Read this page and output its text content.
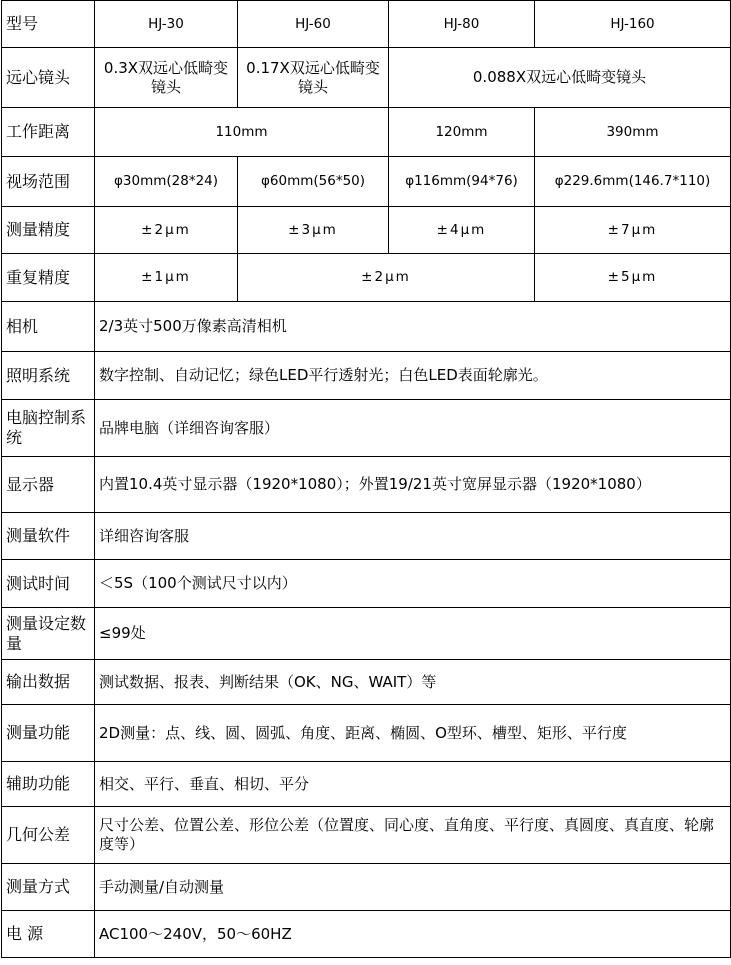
型号	HJ-30	HJ-60	HJ-80	HJ-160
远心镜头	0.3X双远心低畸变镜头	0.17X双远心低畸变镜头	0.088X双远心低畸变镜头	
工作距离	110mm		120mm	390mm
视场范围	φ30mm(28*24)	φ60mm(56*50)	φ116mm(94*76)	φ229.6mm(146.7*110)
测量精度	±2μm	±3μm	±4μm	±7μm
重复精度	±1μm	±2μm		±5μm
相机	2/3英寸500万像素高清相机			
照明系统	数字控制、自动记忆；绿色LED平行透射光；白色LED表面轮廓光。			
电脑控制系统	品牌电脑（详细咨询客服）			
显示器	内置10.4英寸显示器（1920*1080）；外置19/21英寸宽屏显示器（1920*1080）			
测量软件	详细咨询客服			
测试时间	＜5S（100个测试尺寸以内）			
测量设定数量	≤99处			
输出数据	测试数据、报表、判断结果（OK、NG、WAIT）等			
测量功能	2D测量：点、线、圆、圆弧、角度、距离、椭圆、O型环、槽型、矩形、平行度			
辅助功能	相交、平行、垂直、相切、平分			
几何公差	尺寸公差、位置公差、形位公差（位置度、同心度、直角度、平行度、真圆度、真直度、轮廓度等）			
测量方式	手动测量/自动测量			
电 源	AC100～240V，50～60HZ			
